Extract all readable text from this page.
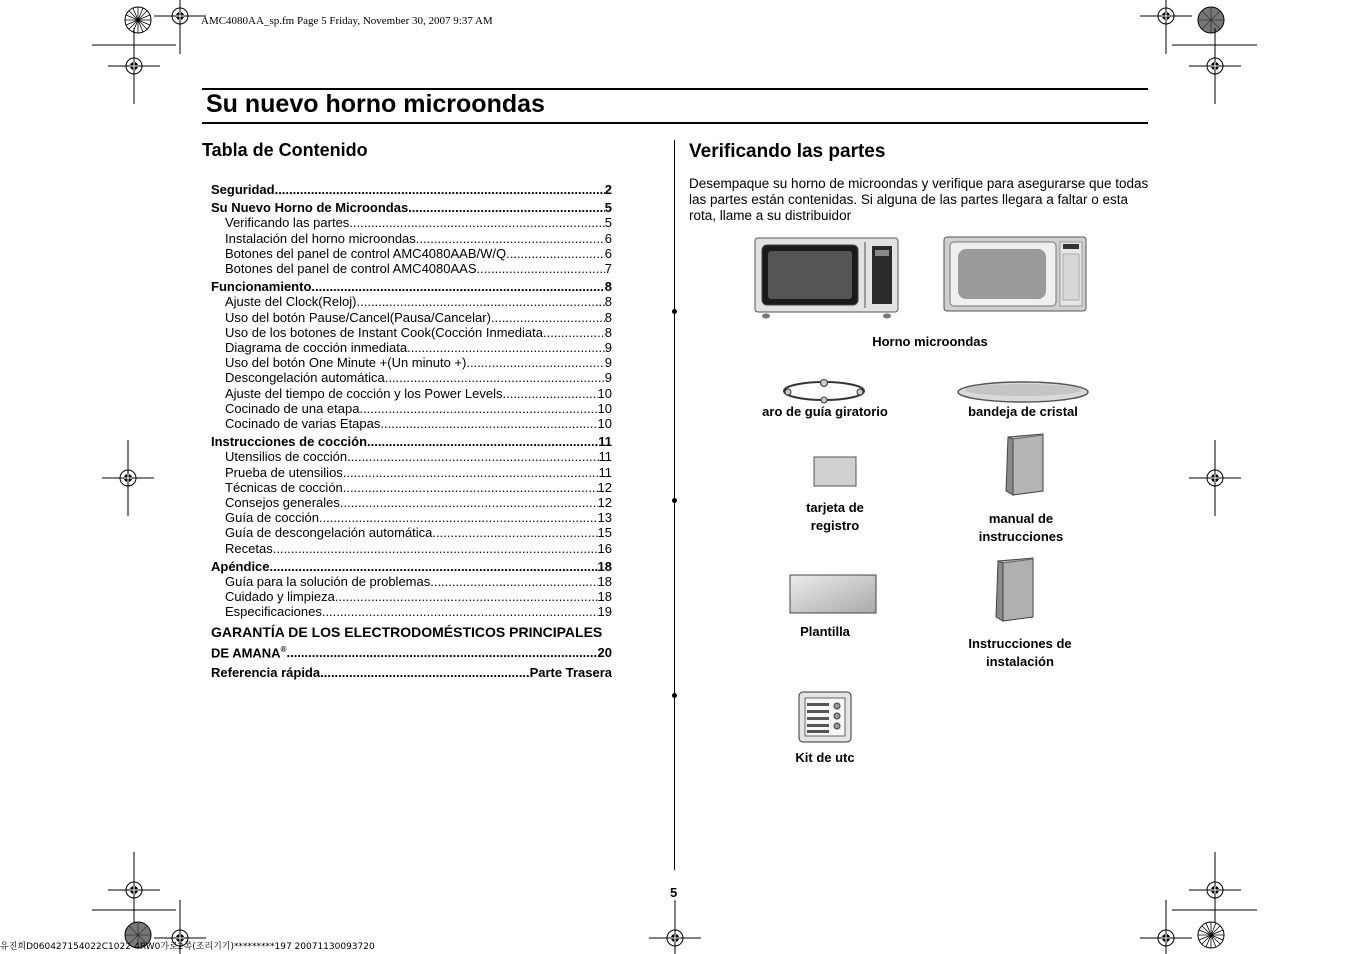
AMC4080AA_sp.fm Page 5 Friday, November 30, 2007 9:37 AM
유진희D060427154022C1022-4RW0가로2쪽(조리기기)*********197 20071130093720
Su nuevo horno microondas
Tabla de Contenido
Seguridad .....	2
Su Nuevo Horno de Microondas .....	5
Verificando las partes .....	5
Instalación del horno microondas .....	6
Botones del panel de control AMC4080AAB/W/Q .....	6
Botones del panel de control AMC4080AAS .....	7
Funcionamiento .....	8
Ajuste del Clock(Reloj) .....	8
Uso del botón Pause/Cancel(Pausa/Cancelar) .....	8
Uso de los botones de Instant Cook(Cocción Inmediata .....	8
Diagrama de cocción inmediata .....	9
Uso del botón One Minute +(Un minuto +) .....	9
Descongelación automática .....	9
Ajuste del tiempo de cocción y los Power Levels .....	10
Cocinado de una etapa .....	10
Cocinado de varias Etapas .....	10
Instrucciones de cocción .....	11
Utensilios de cocción .....	11
Prueba de utensilios .....	11
Técnicas de cocción .....	12
Consejos generales .....	12
Guía de cocción .....	13
Guía de descongelación automática .....	15
Recetas .....	16
Apéndice .....	18
Guía para la solución de problemas .....	18
Cuidado y limpieza .....	18
Especificaciones .....	19
GARANTÍA DE LOS ELECTRODOMÉSTICOS PRINCIPALES
DE AMANA® .....	20
Referencia rápida .....	Parte Trasera
Verificando las partes
Desempaque su horno de microondas y verifique para asegurarse que todas las partes están contenidas. Si alguna de las partes llegara a faltar o esta rota, llame a su distribuidor
Horno microondas
aro de guía giratorio	bandeja de cristal
tarjeta de
registro	manual de
instrucciones
Plantilla
Instrucciones de
instalación
Kit de utc
5
